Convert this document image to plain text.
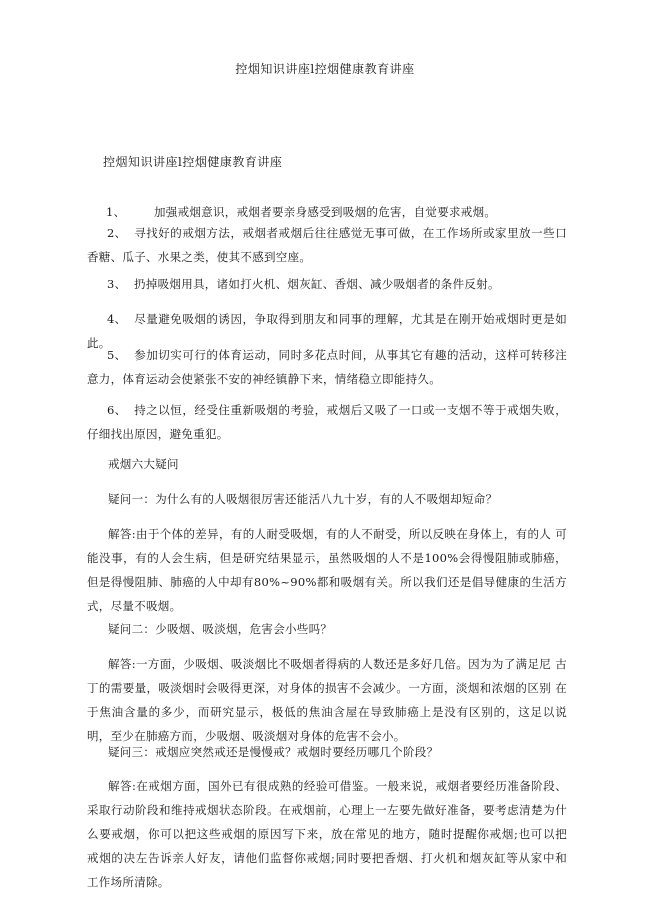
控烟知识讲座l控烟健康教育讲座
控烟知识讲座l控烟健康教育讲座
1、 加强戒烟意识，戒烟者要亲身感受到吸烟的危害，自觉要求戒烟。
2、 寻找好的戒烟方法，戒烟者戒烟后往往感觉无事可做，在工作场所或家里放一些口 香糖、瓜子、水果之类，使其不感到空座。
3、 扔掉吸烟用具，诸如打火机、烟灰缸、香烟、减少吸烟者的条件反射。
4、 尽量避免吸烟的诱因，争取得到朋友和同事的理解，尤其是在刚开始戒烟时更是如 此。
5、 参加切实可行的体育运动，同时多花点时间，从事其它有趣的活动，这样可转移注 意力，体育运动会使紧张不安的神经镇静下来，情绪稳立即能持久。
6、 持之以恒，经受住重新吸烟的考验，戒烟后又吸了一口或一支烟不等于戒烟失败， 仔细找出原因，避免重犯。
戒烟六大疑问
疑问一：为什么有的人吸烟很厉害还能活八九十岁，有的人不吸烟却短命？
解答:由于个体的差异，有的人耐受吸烟，有的人不耐受，所以反映在身体上，有的人 可能没事，有的人会生病，但是研究结果显示，虽然吸烟的人不是100%会得慢阻肺或肺癌， 但是得慢阻肺、肺癌的人中却有80%~90%都和吸烟有关。所以我们还是倡导健康的生活方 式，尽量不吸烟。
疑问二：少吸烟、吸淡烟，危害会小些吗？
解答:一方面，少吸烟、吸淡烟比不吸烟者得病的人数还是多好几倍。因为为了满足尼 古丁的需要量，吸淡烟时会吸得更深，对身体的损害不会减少。一方面，淡烟和浓烟的区别 在于焦油含量的多少，而研究显示，极低的焦油含屋在导致肺癌上是没有区别的，这足以说 明，至少在肺癌方而，少吸烟、吸淡烟对身体的危害不会小。
疑问三：戒烟应突然戒还是慢慢戒？戒烟时要经历哪几个阶段？
解答:在戒烟方面，国外已有很成熟的经验可借鉴。一般来说，戒烟者要经历准备阶段、 采取行动阶段和维持戒烟状态阶段。在戒烟前，心理上一左要先做好准备，要考虑清楚为什 么要戒烟，你可以把这些戒烟的原因写下来，放在常见的地方，随时提醒你戒烟;也可以把 戒烟的决左告诉亲人好友，请他们监督你戒烟;同时要把香烟、打火机和烟灰缸等从家中和 工作场所清除。
